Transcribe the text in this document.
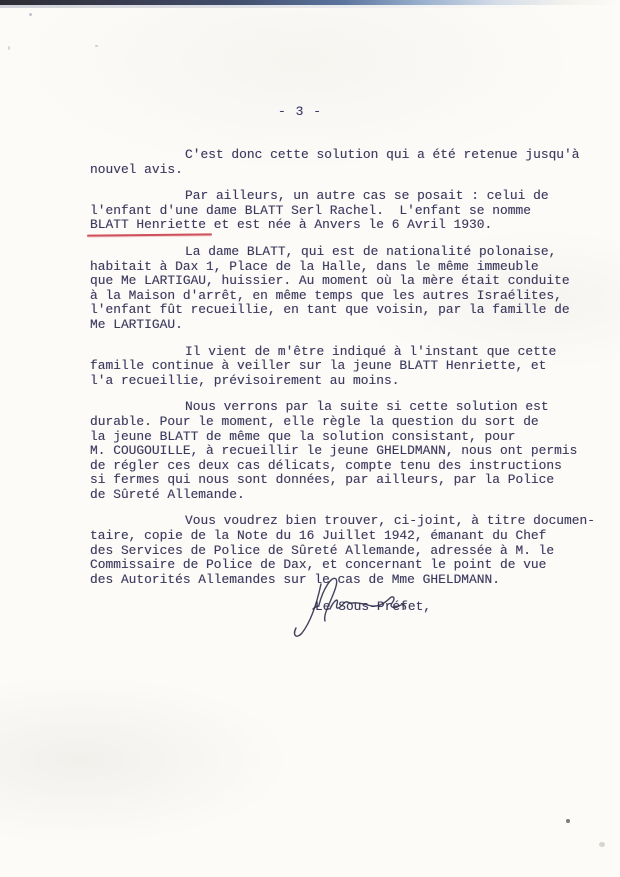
- 3 -
C'est donc cette solution qui a été retenue jusqu'à
nouvel avis.
Par ailleurs, un autre cas se posait : celui de
l'enfant d'une dame BLATT Serl Rachel.  L'enfant se nomme
BLATT Henriette et est née à Anvers le 6 Avril 1930.
La dame BLATT, qui est de nationalité polonaise,
habitait à Dax 1, Place de la Halle, dans le même immeuble
que Me LARTIGAU, huissier. Au moment où la mère était conduite
à la Maison d'arrêt, en même temps que les autres Israélites,
l'enfant fût recueillie, en tant que voisin, par la famille de
Me LARTIGAU.
Il vient de m'être indiqué à l'instant que cette
famille continue à veiller sur la jeune BLATT Henriette, et
l'a recueillie, prévisoirement au moins.
Nous verrons par la suite si cette solution est
durable. Pour le moment, elle règle la question du sort de
la jeune BLATT de même que la solution consistant, pour
M. COUGOUILLE, à recueillir le jeune GHELDMANN, nous ont permis
de régler ces deux cas délicats, compte tenu des instructions
si fermes qui nous sont données, par ailleurs, par la Police
de Sûreté Allemande.
Vous voudrez bien trouver, ci-joint, à titre documen-
taire, copie de la Note du 16 Juillet 1942, émanant du Chef
des Services de Police de Sûreté Allemande, adressée à M. le
Commissaire de Police de Dax, et concernant le point de vue
des Autorités Allemandes sur le cas de Mme GHELDMANN.
Le Sous-Préfet,
